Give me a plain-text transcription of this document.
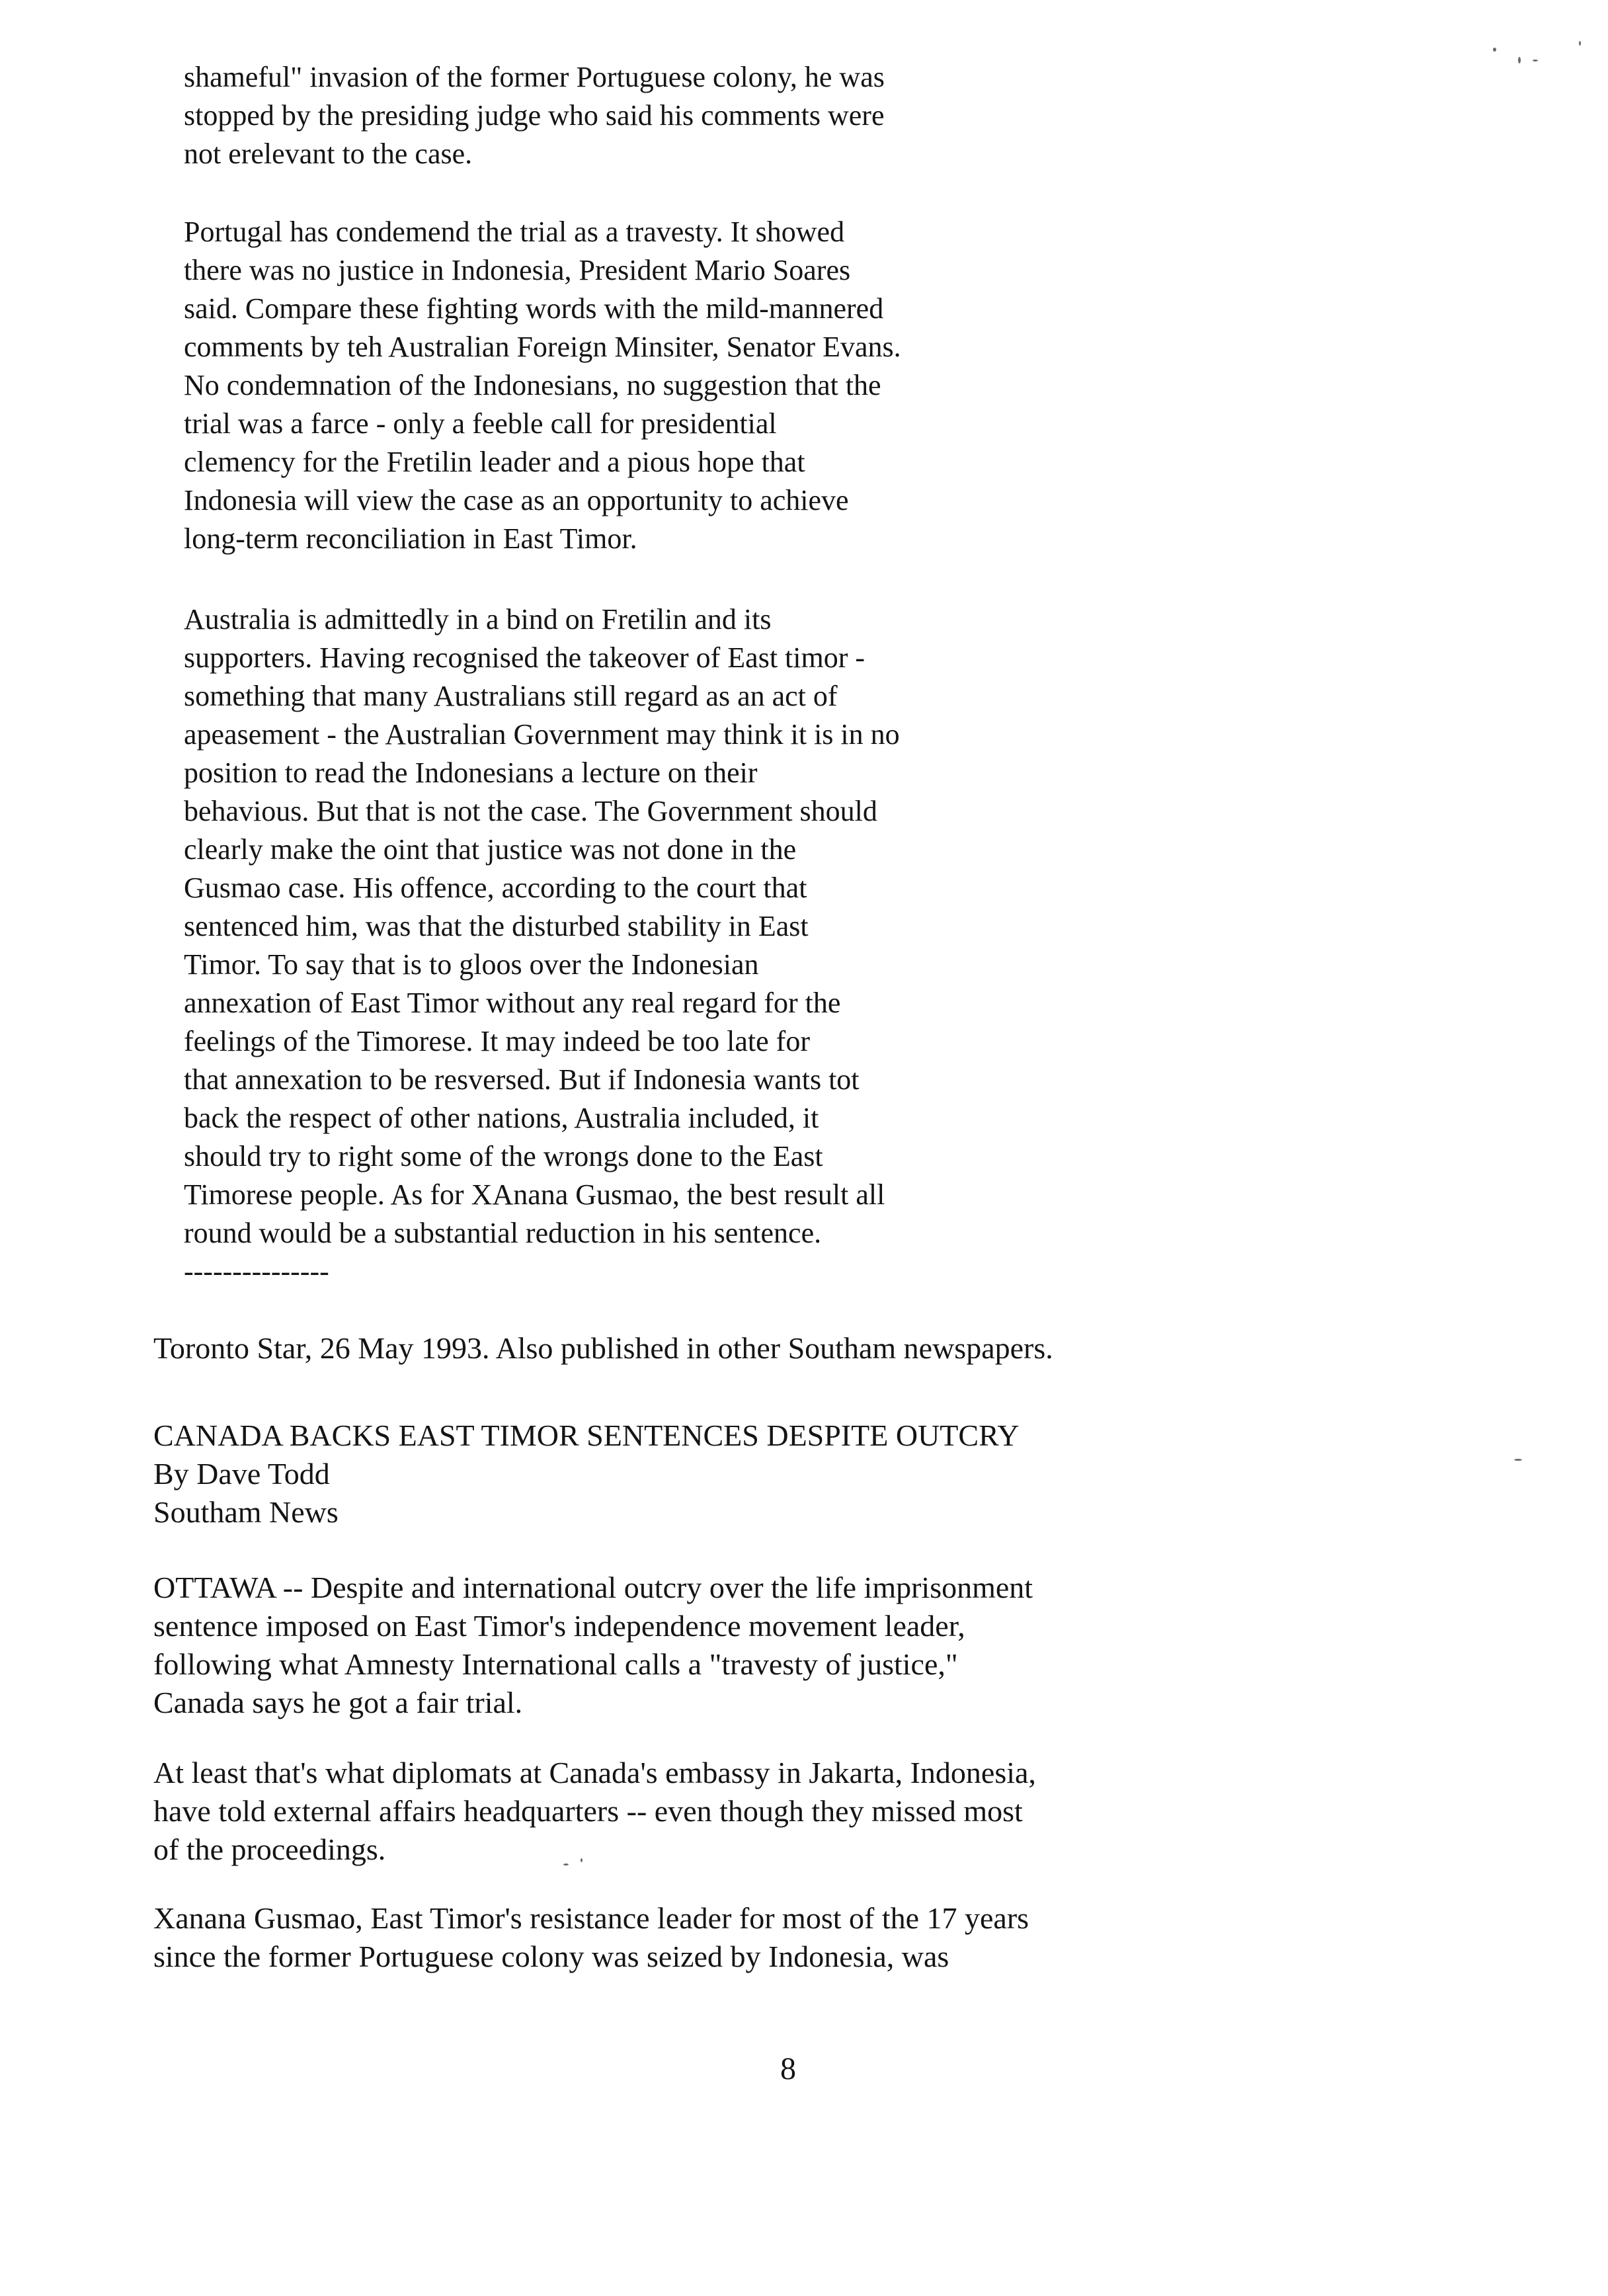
shameful" invasion of the former Portuguese colony, he was
stopped by the presiding judge who said his comments were
not erelevant to the case.
Portugal has condemend the trial as a travesty. It showed
there was no justice in Indonesia, President Mario Soares
said. Compare these fighting words with the mild-mannered
comments by teh Australian Foreign Minsiter, Senator Evans.
No condemnation of the Indonesians, no suggestion that the
trial was a farce - only a feeble call for presidential
clemency for the Fretilin leader and a pious hope that
Indonesia will view the case as an opportunity to achieve
long-term reconciliation in East Timor.
Australia is admittedly in a bind on Fretilin and its
supporters. Having recognised the takeover of East timor -
something that many Australians still regard as an act of
apeasement - the Australian Government may think it is in no
position to read the Indonesians a lecture on their
behavious. But that is not the case. The Government should
clearly make the oint that justice was not done in the
Gusmao case. His offence, according to the court that
sentenced him, was that the disturbed stability in East
Timor. To say that is to gloos over the Indonesian
annexation of East Timor without any real regard for the
feelings of the Timorese. It may indeed be too late for
that annexation to be resversed. But if Indonesia wants tot
back the respect of other nations, Australia included, it
should try to right some of the wrongs done to the East
Timorese people. As for XAnana Gusmao, the best result all
round would be a substantial reduction in his sentence.
---------------
Toronto Star, 26 May 1993. Also published in other Southam newspapers.
CANADA BACKS EAST TIMOR SENTENCES DESPITE OUTCRY
By Dave Todd
Southam News
OTTAWA -- Despite and international outcry over the life imprisonment
sentence imposed on East Timor's independence movement leader,
following what Amnesty International calls a "travesty of justice,"
Canada says he got a fair trial.
At least that's what diplomats at Canada's embassy in Jakarta, Indonesia,
have told external affairs headquarters -- even though they missed most
of the proceedings.
Xanana Gusmao, East Timor's resistance leader for most of the 17 years
since the former Portuguese colony was seized by Indonesia, was
8
